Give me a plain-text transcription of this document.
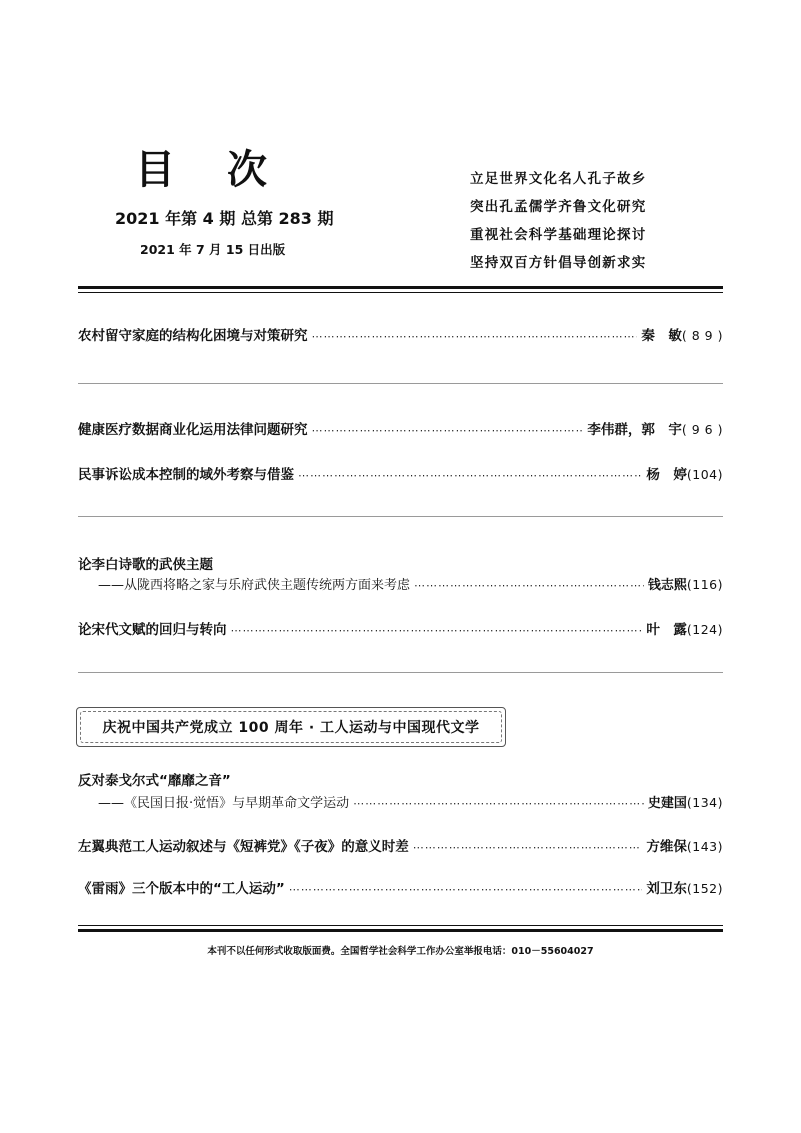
目 次
2021 年第 4 期 总第 283 期
2021 年 7 月 15 日出版
立足世界文化名人孔子故乡
突出孔孟儒学齐鲁文化研究
重视社会科学基础理论探讨
坚持双百方针倡导创新求实
农村留守家庭的结构化困境与对策研究 ⋯⋯⋯⋯⋯⋯⋯⋯⋯⋯⋯⋯⋯⋯⋯⋯⋯⋯⋯⋯⋯⋯⋯⋯⋯⋯⋯⋯⋯⋯⋯⋯⋯⋯⋯⋯⋯⋯⋯⋯⋯⋯⋯⋯⋯⋯⋯⋯⋯⋯⋯⋯⋯⋯⋯⋯⋯⋯⋯⋯⋯⋯⋯⋯⋯⋯⋯⋯⋯⋯⋯⋯⋯⋯⋯⋯⋯⋯	秦　敏 ( 8 9 )
健康医疗数据商业化运用法律问题研究 ⋯⋯⋯⋯⋯⋯⋯⋯⋯⋯⋯⋯⋯⋯⋯⋯⋯⋯⋯⋯⋯⋯⋯⋯⋯⋯⋯⋯⋯⋯⋯⋯⋯⋯⋯⋯⋯⋯⋯⋯⋯⋯⋯⋯⋯⋯⋯⋯⋯⋯⋯⋯⋯⋯⋯⋯⋯⋯⋯⋯⋯⋯⋯⋯⋯⋯⋯⋯⋯⋯⋯⋯⋯⋯⋯⋯⋯⋯	李伟群，郭　宇 ( 9 6 )
民事诉讼成本控制的域外考察与借鉴 ⋯⋯⋯⋯⋯⋯⋯⋯⋯⋯⋯⋯⋯⋯⋯⋯⋯⋯⋯⋯⋯⋯⋯⋯⋯⋯⋯⋯⋯⋯⋯⋯⋯⋯⋯⋯⋯⋯⋯⋯⋯⋯⋯⋯⋯⋯⋯⋯⋯⋯⋯⋯⋯⋯⋯⋯⋯⋯⋯⋯⋯⋯⋯⋯⋯⋯⋯⋯⋯⋯⋯⋯⋯⋯⋯⋯⋯⋯	杨　婷 (104)
论李白诗歌的武侠主题
——从陇西将略之家与乐府武侠主题传统两方面来考虑 ⋯⋯⋯⋯⋯⋯⋯⋯⋯⋯⋯⋯⋯⋯⋯⋯⋯⋯⋯⋯⋯⋯⋯⋯⋯⋯⋯⋯⋯⋯⋯⋯⋯⋯⋯⋯⋯⋯⋯⋯⋯⋯⋯⋯⋯⋯⋯⋯⋯⋯⋯⋯⋯⋯⋯⋯⋯⋯⋯⋯⋯⋯⋯⋯⋯⋯⋯⋯⋯⋯⋯⋯⋯⋯⋯⋯⋯⋯	钱志熙 (116)
论宋代文赋的回归与转向 ⋯⋯⋯⋯⋯⋯⋯⋯⋯⋯⋯⋯⋯⋯⋯⋯⋯⋯⋯⋯⋯⋯⋯⋯⋯⋯⋯⋯⋯⋯⋯⋯⋯⋯⋯⋯⋯⋯⋯⋯⋯⋯⋯⋯⋯⋯⋯⋯⋯⋯⋯⋯⋯⋯⋯⋯⋯⋯⋯⋯⋯⋯⋯⋯⋯⋯⋯⋯⋯⋯⋯⋯⋯⋯⋯⋯⋯⋯	叶　露 (124)
庆祝中国共产党成立 100 周年 · 工人运动与中国现代文学
反对泰戈尔式“靡靡之音”
——《民国日报·觉悟》与早期革命文学运动 ⋯⋯⋯⋯⋯⋯⋯⋯⋯⋯⋯⋯⋯⋯⋯⋯⋯⋯⋯⋯⋯⋯⋯⋯⋯⋯⋯⋯⋯⋯⋯⋯⋯⋯⋯⋯⋯⋯⋯⋯⋯⋯⋯⋯⋯⋯⋯⋯⋯⋯⋯⋯⋯⋯⋯⋯⋯⋯⋯⋯⋯⋯⋯⋯⋯⋯⋯⋯⋯⋯⋯⋯⋯⋯⋯⋯⋯⋯	史建国 (134)
左翼典范工人运动叙述与《短裤党》《子夜》的意义时差 ⋯⋯⋯⋯⋯⋯⋯⋯⋯⋯⋯⋯⋯⋯⋯⋯⋯⋯⋯⋯⋯⋯⋯⋯⋯⋯⋯⋯⋯⋯⋯⋯⋯⋯⋯⋯⋯⋯⋯⋯⋯⋯⋯⋯⋯⋯⋯⋯⋯⋯⋯⋯⋯⋯⋯⋯⋯⋯⋯⋯⋯⋯⋯⋯⋯⋯⋯⋯⋯⋯⋯⋯⋯⋯⋯⋯⋯⋯	方维保 (143)
《雷雨》三个版本中的“工人运动” ⋯⋯⋯⋯⋯⋯⋯⋯⋯⋯⋯⋯⋯⋯⋯⋯⋯⋯⋯⋯⋯⋯⋯⋯⋯⋯⋯⋯⋯⋯⋯⋯⋯⋯⋯⋯⋯⋯⋯⋯⋯⋯⋯⋯⋯⋯⋯⋯⋯⋯⋯⋯⋯⋯⋯⋯⋯⋯⋯⋯⋯⋯⋯⋯⋯⋯⋯⋯⋯⋯⋯⋯⋯⋯⋯⋯⋯⋯	刘卫东 (152)
本刊不以任何形式收取版面费。全国哲学社会科学工作办公室举报电话：010－55604027
